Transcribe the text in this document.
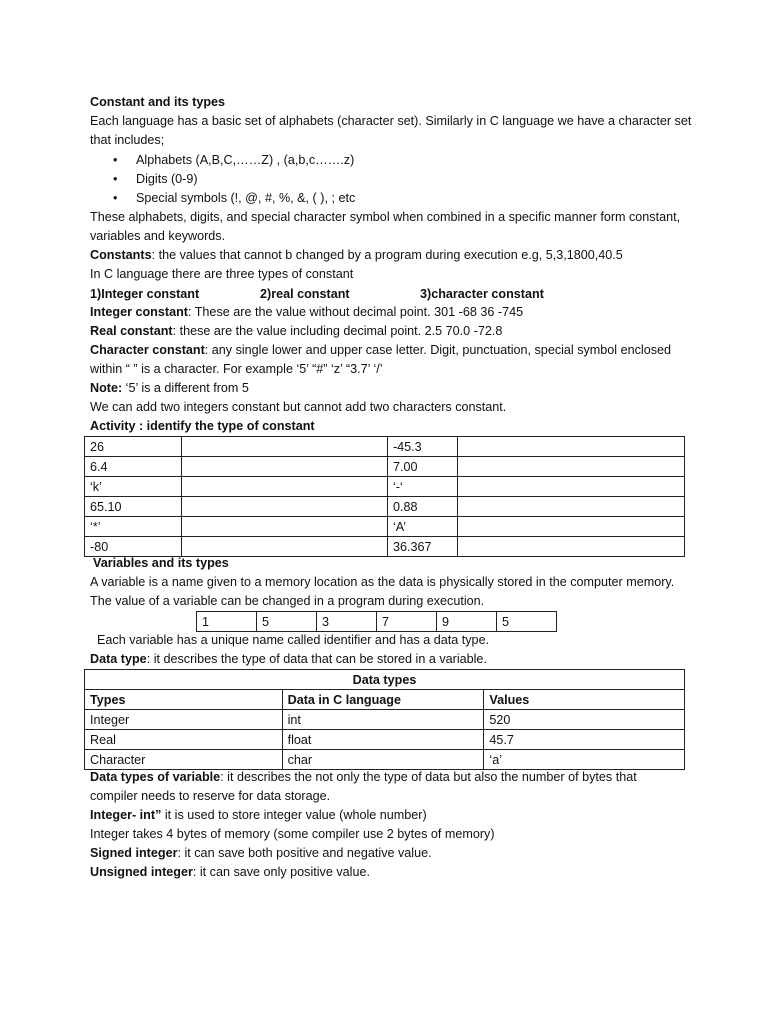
Constant and its types
Each language has a basic set of alphabets (character set). Similarly in C language we have a character set
that includes;
• Alphabets (A,B,C,……Z) , (a,b,c…….z)
• Digits (0-9)
• Special symbols (!, @, #, %, &, ( ), ; etc
These alphabets, digits, and special character symbol when combined in a specific manner form constant,
variables and keywords.
Constants: the values that cannot b changed by a program during execution e.g, 5,3,1800,40.5
In C language there are three types of constant
1)Integer constant	2)real constant	3)character constant
Integer constant: These are the value without decimal point. 301 -68 36 -745
Real constant: these are the value including decimal point. 2.5 70.0 -72.8
Character constant: any single lower and upper case letter. Digit, punctuation, special symbol enclosed
within “ ” is a character. For example ‘5’ “#” ‘z’ “3.7’ ‘/’
Note: ‘5’ is a different from 5
We can add two integers constant but cannot add two characters constant.
Activity : identify the type of constant
26		-45.3	
6.4		7.00	
‘k’		‘-‘	
65.10		0.88	
‘*’		‘A’	
-80		36.367	
Variables and its types
A variable is a name given to a memory location as the data is physically stored in the computer memory.
The value of a variable can be changed in a program during execution.
1	5	3	7	9	5
Each variable has a unique name called identifier and has a data type.
Data type: it describes the type of data that can be stored in a variable.
Data types		
Types	Data in C language	Values
Integer	int	520
Real	float	45.7
Character	char	‘a’
Data types of variable: it describes the not only the type of data but also the number of bytes that
compiler needs to reserve for data storage.
Integer- int” it is used to store integer value (whole number)
Integer takes 4 bytes of memory (some compiler use 2 bytes of memory)
Signed integer: it can save both positive and negative value.
Unsigned integer: it can save only positive value.
